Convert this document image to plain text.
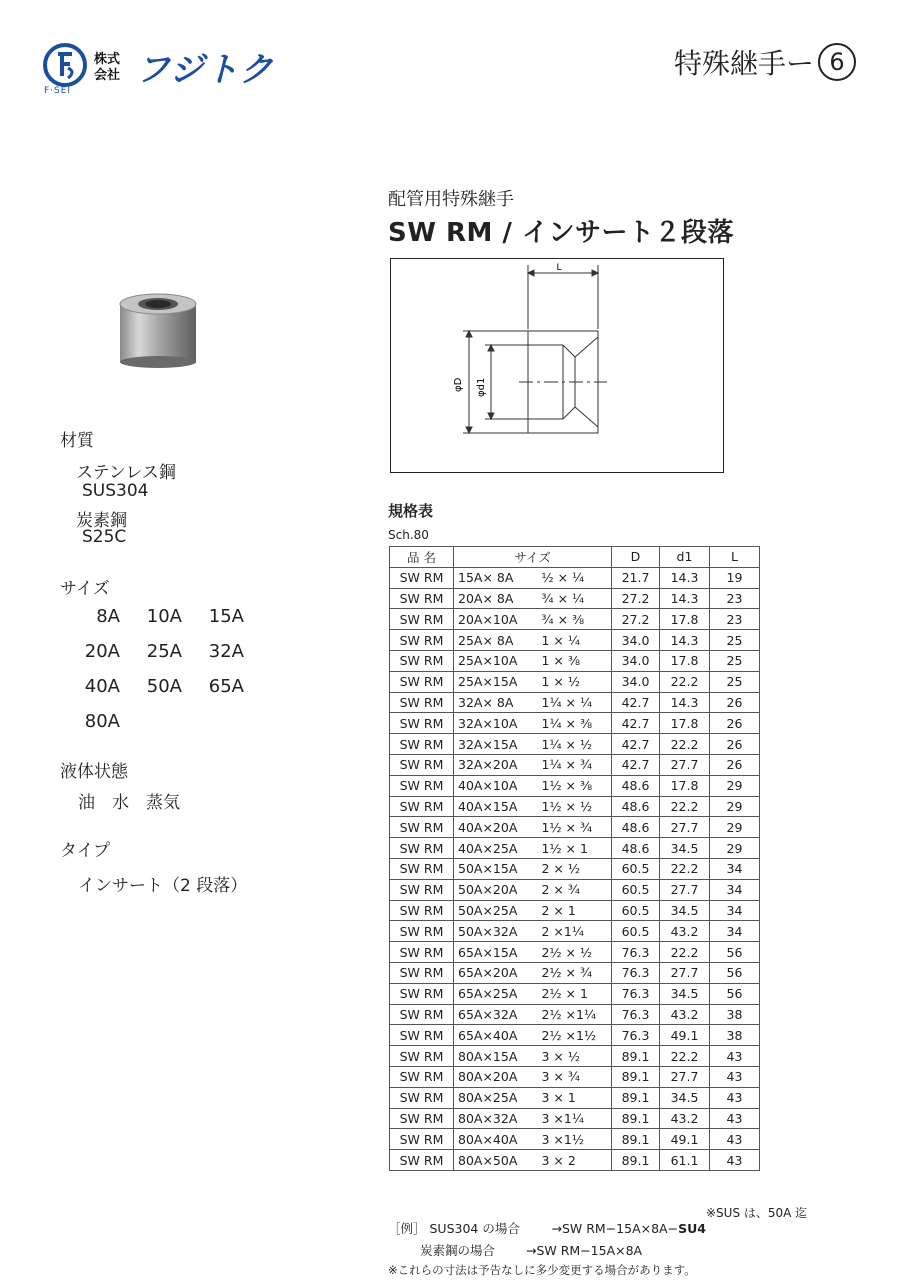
F·SEI
株式
会社 フジトク	特殊継手ー 6
配管用特殊継手
SW RM / インサート２段落
L
φD φd1
材質
ステンレス鋼
SUS304
炭素鋼
S25C
サイズ
8A	10A	15A
20A	25A	32A
40A	50A	65A
80A
液体状態
油　水　蒸気
タイプ
インサート（2 段落）
規格表
Sch.80
品 名	サイズ		D	d1	L
SW RM	15A× 8A	½ × ¼	21.7	14.3	19
SW RM	20A× 8A	¾ × ¼	27.2	14.3	23
SW RM	20A×10A	¾ × ⅜	27.2	17.8	23
SW RM	25A× 8A	1 × ¼	34.0	14.3	25
SW RM	25A×10A	1 × ⅜	34.0	17.8	25
SW RM	25A×15A	1 × ½	34.0	22.2	25
SW RM	32A× 8A	1¼ × ¼	42.7	14.3	26
SW RM	32A×10A	1¼ × ⅜	42.7	17.8	26
SW RM	32A×15A	1¼ × ½	42.7	22.2	26
SW RM	32A×20A	1¼ × ¾	42.7	27.7	26
SW RM	40A×10A	1½ × ⅜	48.6	17.8	29
SW RM	40A×15A	1½ × ½	48.6	22.2	29
SW RM	40A×20A	1½ × ¾	48.6	27.7	29
SW RM	40A×25A	1½ × 1	48.6	34.5	29
SW RM	50A×15A	2 × ½	60.5	22.2	34
SW RM	50A×20A	2 × ¾	60.5	27.7	34
SW RM	50A×25A	2 × 1	60.5	34.5	34
SW RM	50A×32A	2 ×1¼	60.5	43.2	34
SW RM	65A×15A	2½ × ½	76.3	22.2	56
SW RM	65A×20A	2½ × ¾	76.3	27.7	56
SW RM	65A×25A	2½ × 1	76.3	34.5	56
SW RM	65A×32A	2½ ×1¼	76.3	43.2	38
SW RM	65A×40A	2½ ×1½	76.3	49.1	38
SW RM	80A×15A	3 × ½	89.1	22.2	43
SW RM	80A×20A	3 × ¾	89.1	27.7	43
SW RM	80A×25A	3 × 1	89.1	34.5	43
SW RM	80A×32A	3 ×1¼	89.1	43.2	43
SW RM	80A×40A	3 ×1½	89.1	49.1	43
SW RM	80A×50A	3 × 2	89.1	61.1	43
※SUS は、50A 迄
［例］ SUS304 の場合	→SW RM−15A×8A−SU4
炭素鋼の場合 →SW RM−15A×8A
※これらの寸法は予告なしに多少変更する場合があります。
